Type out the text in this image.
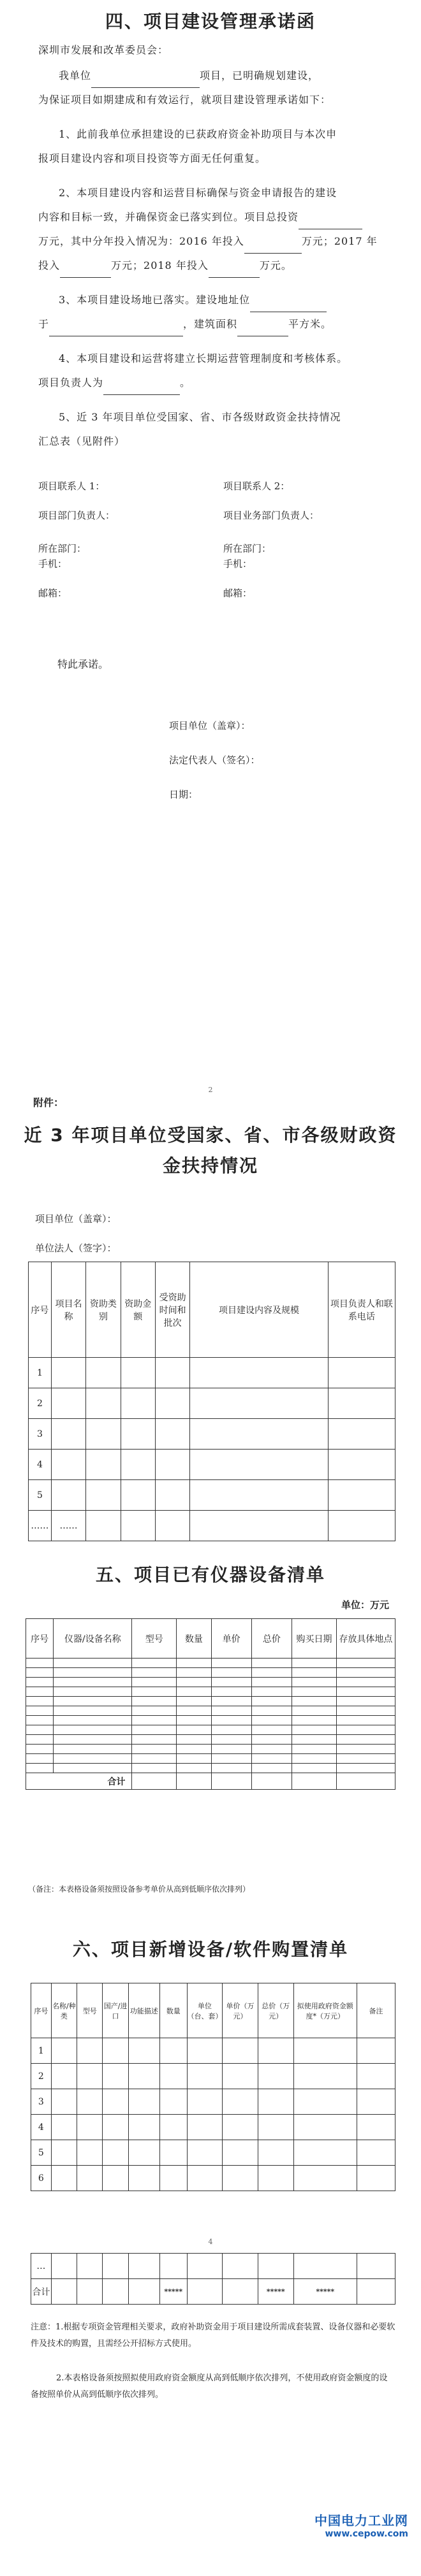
四、项目建设管理承诺函
深圳市发展和改革委员会：
我单位	项目，已明确规划建设，
为保证项目如期建成和有效运行，就项目建设管理承诺如下：
1、此前我单位承担建设的已获政府资金补助项目与本次申
报项目建设内容和项目投资等方面无任何重复。
2、本项目建设内容和运营目标确保与资金申请报告的建设
内容和目标一致，并确保资金已落实到位。项目总投资
万元，其中分年投入情况为：2016 年投入	万元；2017 年
投入	万元；2018 年投入	万元。
3、本项目建设场地已落实。建设地址位
于	，建筑面积	平方米。
4、本项目建设和运营将建立长期运营管理制度和考核体系。
项目负责人为	。
5、近 3 年项目单位受国家、省、市各级财政资金扶持情况
汇总表（见附件）
项目联系人 1：	项目联系人 2：
项目部门负责人：	项目业务部门负责人：
所在部门：	所在部门：
手机：	手机：
邮箱：	邮箱：
特此承诺。
项目单位（盖章）：
法定代表人（签名）：
日期：
2
附件：
近 3 年项目单位受国家、省、市各级财政资
金扶持情况
项目单位（盖章）：
单位法人（签字）：
序号	项目名称	资助类别	资助金额	受资助时间和批次	项目建设内容及规模	项目负责人和联系电话
1						
2						
3						
4						
5						
……	……					
五、项目已有仪器设备清单
单位：万元
序号	仪器/设备名称	型号	数量	单价	总价	购买日期	存放具体地点

合计							
（备注：本表格设备须按照设备参考单价从高到低顺序依次排列）
六、项目新增设备/软件购置清单
序号	名称/种类	型号	国产/进口	功能描述	数量	单位（台、套）	单价（万元）	总价（万元）	拟使用政府资金额度*（万元）	备注
1										
2										
3										
4										
5										
6										
4
…										
合计					*****			*****	*****	
注意：1.根据专项资金管理相关要求，政府补助资金用于项目建设所需成套装置、设备仪器和必要软件及技术的购置，且需经公开招标方式使用。
2.本表格设备须按照拟使用政府资金额度从高到低顺序依次排列，不使用政府资金额度的设备按照单价从高到低顺序依次排列。
中国电力工业网
www.cepow.com
